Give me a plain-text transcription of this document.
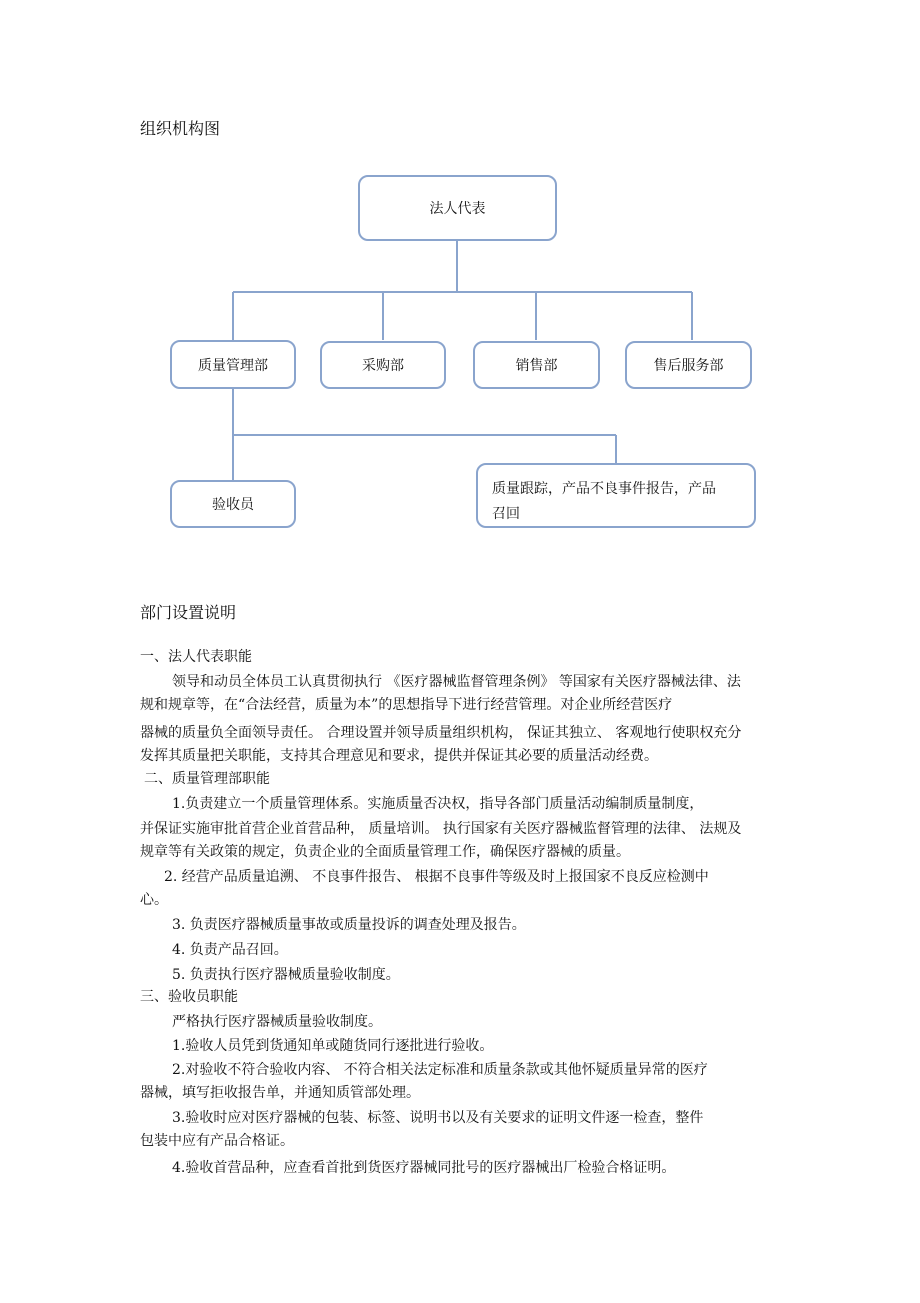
组织机构图
法人代表
质量管理部	采购部	销售部	售后服务部
验收员
质量跟踪，产品不良事件报告，产品召回
部门设置说明
一、法人代表职能
领导和动员全体员工认真贯彻执行 《医疗器械监督管理条例》 等国家有关医疗器械法律、法
规和规章等，在“合法经营，质量为本”的思想指导下进行经营管理。对企业所经营医疗
器械的质量负全面领导责任。 合理设置并领导质量组织机构， 保证其独立、 客观地行使职权充分
发挥其质量把关职能，支持其合理意见和要求，提供并保证其必要的质量活动经费。
二、质量管理部职能
1.负责建立一个质量管理体系。实施质量否决权，指导各部门质量活动编制质量制度，
并保证实施审批首营企业首营品种， 质量培训。 执行国家有关医疗器械监督管理的法律、 法规及
规章等有关政策的规定，负责企业的全面质量管理工作，确保医疗器械的质量。
2. 经营产品质量追溯、 不良事件报告、 根据不良事件等级及时上报国家不良反应检测中
心。
3. 负责医疗器械质量事故或质量投诉的调查处理及报告。
4. 负责产品召回。
5. 负责执行医疗器械质量验收制度。
三、验收员职能
严格执行医疗器械质量验收制度。
1.验收人员凭到货通知单或随货同行逐批进行验收。
2.对验收不符合验收内容、 不符合相关法定标准和质量条款或其他怀疑质量异常的医疗
器械，填写拒收报告单，并通知质管部处理。
3.验收时应对医疗器械的包装、标签、说明书以及有关要求的证明文件逐一检查，整件
包装中应有产品合格证。
4.验收首营品种，应查看首批到货医疗器械同批号的医疗器械出厂检验合格证明。
